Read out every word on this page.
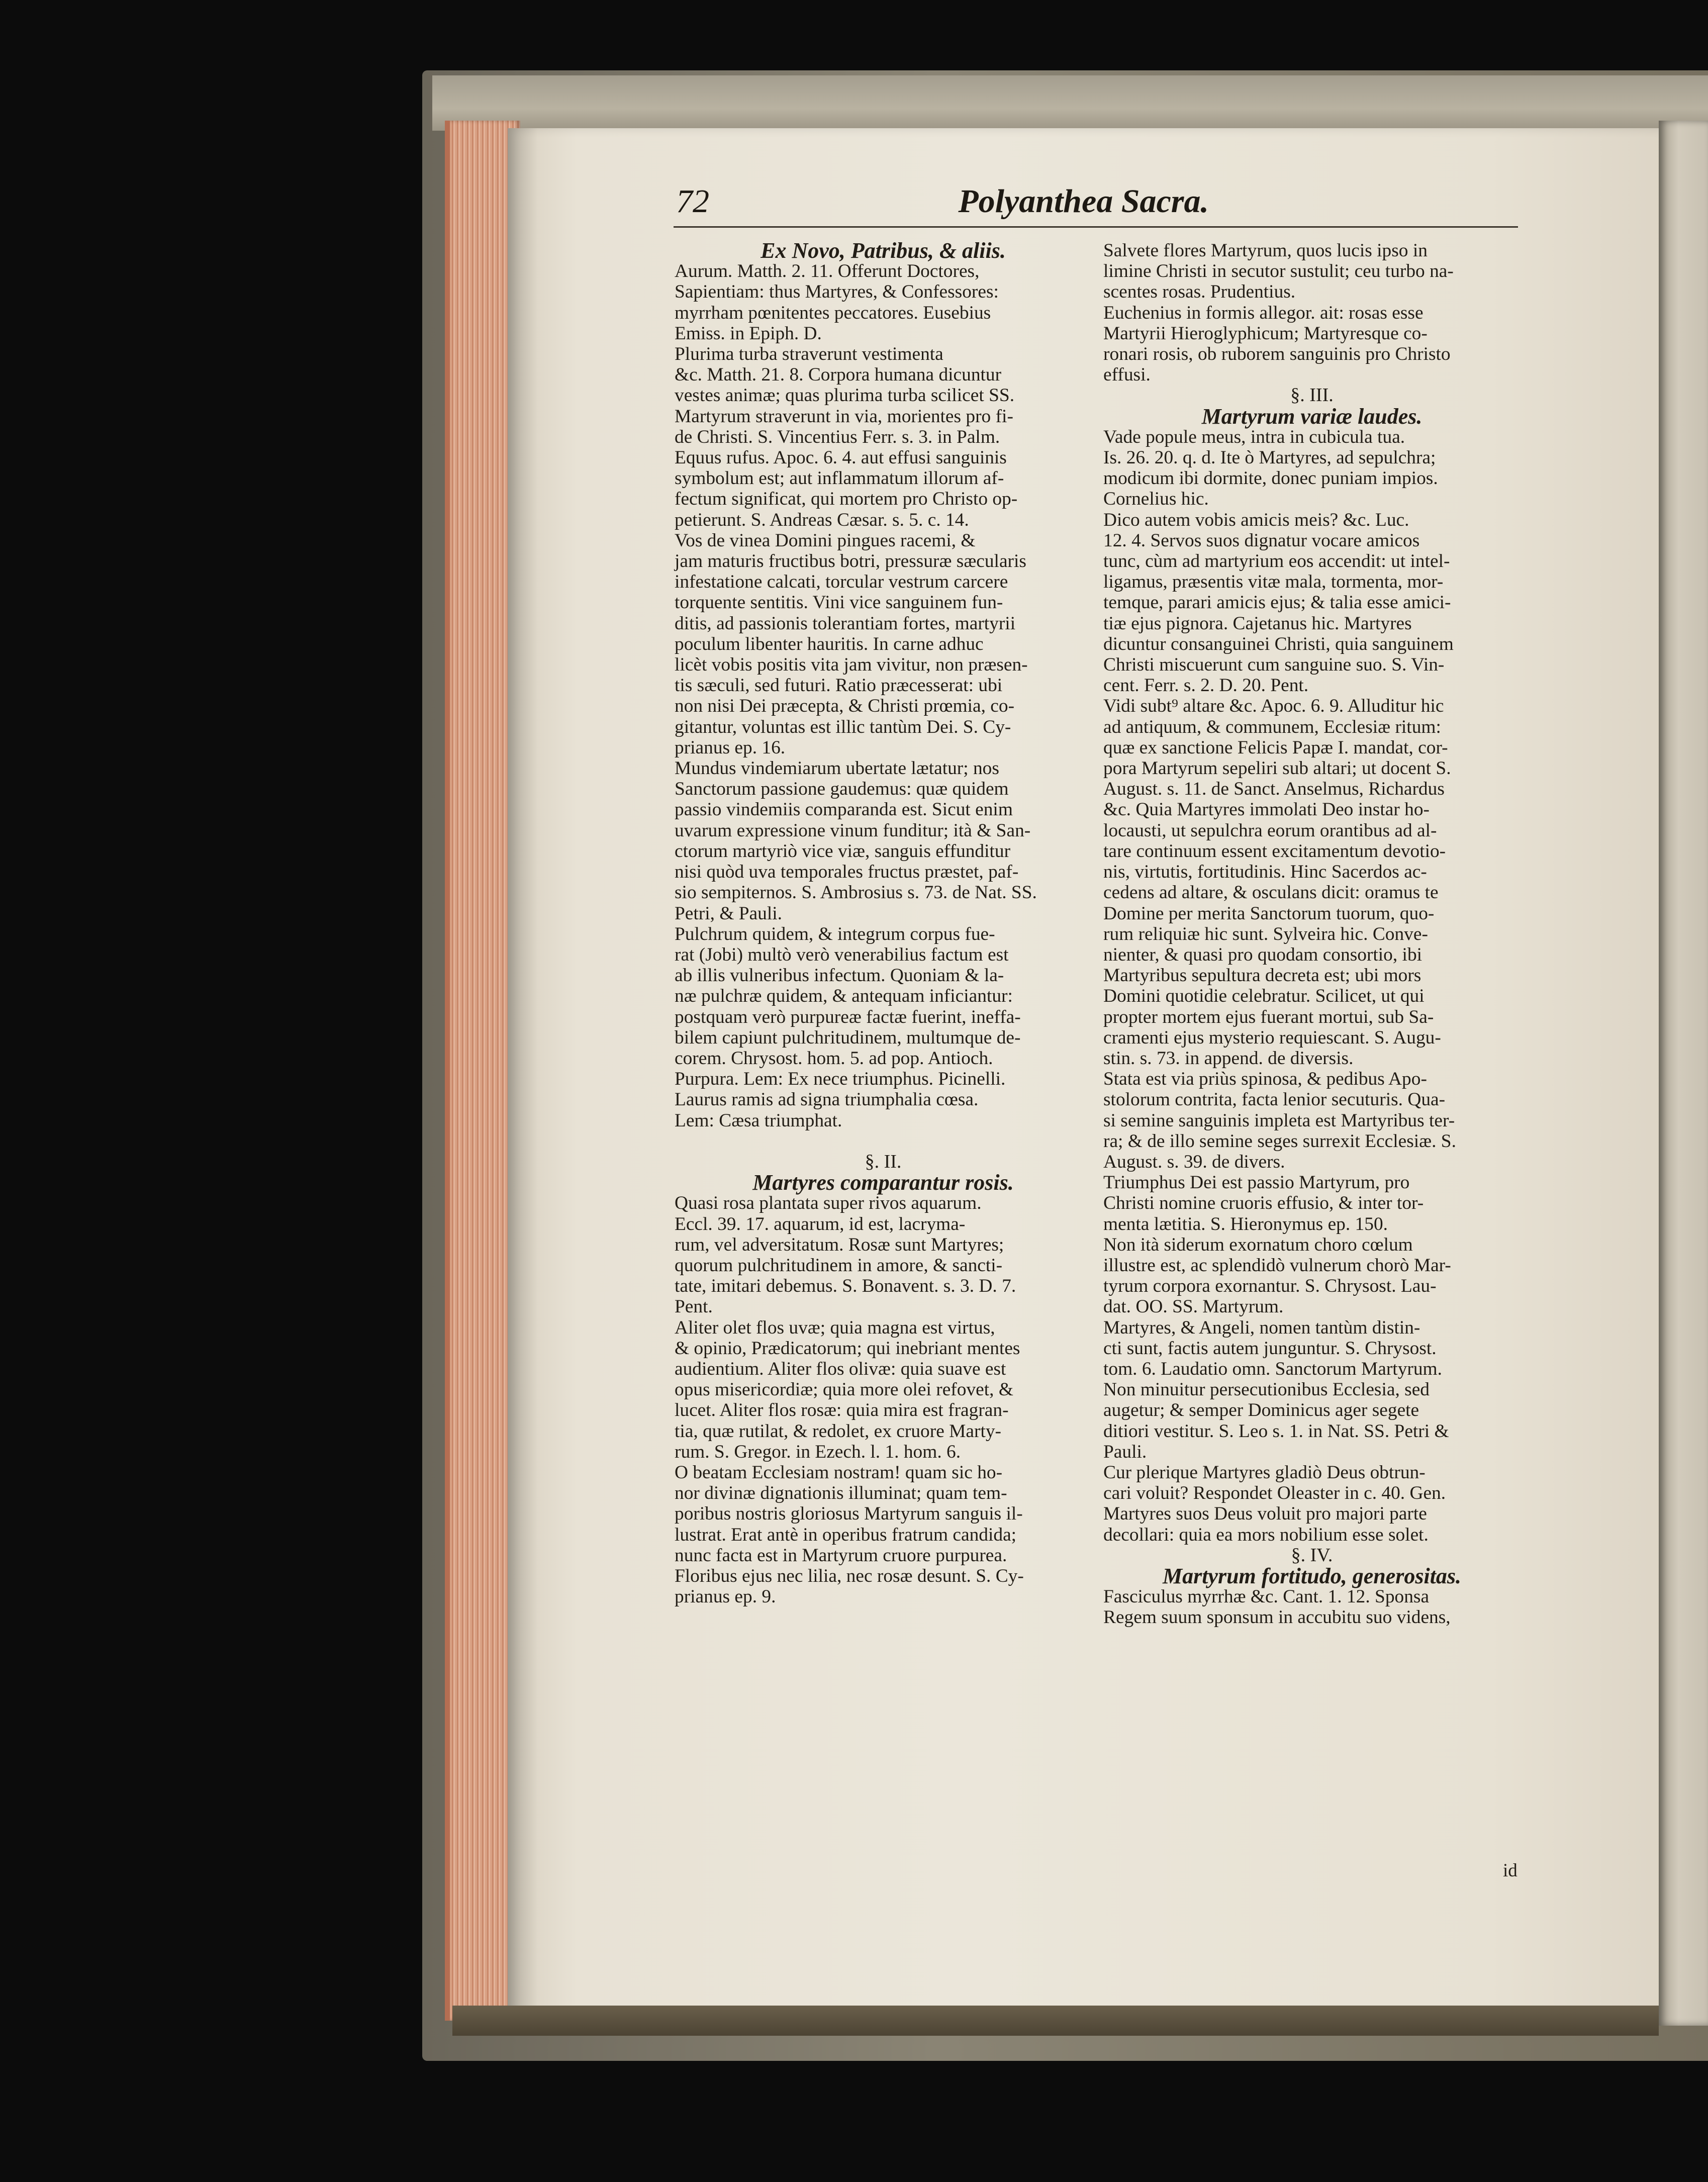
72	Polyanthea Sacra.

Ex Novo, Patribus, & aliis.

Aurum. Matth. 2. 11. Offerunt Doctores,

Sapientiam: thus Martyres, & Confessores:

myrrham pœnitentes peccatores. Eusebius

Emiss. in Epiph. D.

Plurima turba straverunt vestimenta

&c. Matth. 21. 8. Corpora humana dicuntur

vestes animæ; quas plurima turba scilicet SS.

Martyrum straverunt in via, morientes pro fi-

de Christi. S. Vincentius Ferr. s. 3. in Palm.

Equus rufus. Apoc. 6. 4. aut effusi sanguinis

symbolum est; aut inflammatum illorum af-

fectum significat, qui mortem pro Christo op-

petierunt. S. Andreas Cæsar. s. 5. c. 14.

Vos de vinea Domini pingues racemi, &

jam maturis fructibus botri, pressuræ sæcularis

infestatione calcati, torcular vestrum carcere

torquente sentitis. Vini vice sanguinem fun-

ditis, ad passionis tolerantiam fortes, martyrii

poculum libenter hauritis. In carne adhuc

licèt vobis positis vita jam vivitur, non præsen-

tis sæculi, sed futuri. Ratio præcesserat: ubi

non nisi Dei præcepta, & Christi prœmia, co-

gitantur, voluntas est illic tantùm Dei. S. Cy-

prianus ep. 16.

Mundus vindemiarum ubertate lætatur; nos

Sanctorum passione gaudemus: quæ quidem

passio vindemiis comparanda est. Sicut enim

uvarum expressione vinum funditur; ità & San-

ctorum martyriò vice viæ, sanguis effunditur

nisi quòd uva temporales fructus præstet, paf-

sio sempiternos. S. Ambrosius s. 73. de Nat. SS.

Petri, & Pauli.

Pulchrum quidem, & integrum corpus fue-

rat (Jobi) multò verò venerabilius factum est

ab illis vulneribus infectum. Quoniam & la-

næ pulchræ quidem, & antequam inficiantur:

postquam verò purpureæ factæ fuerint, ineffa-

bilem capiunt pulchritudinem, multumque de-

corem. Chrysost. hom. 5. ad pop. Antioch.

Purpura. Lem: Ex nece triumphus. Picinelli.

Laurus ramis ad signa triumphalia cœsa.

Lem: Cæsa triumphat.

§. II.

Martyres comparantur rosis.

Quasi rosa plantata super rivos aquarum.

Eccl. 39. 17. aquarum, id est, lacryma-

rum, vel adversitatum. Rosæ sunt Martyres;

quorum pulchritudinem in amore, & sancti-

tate, imitari debemus. S. Bonavent. s. 3. D. 7.

Pent.

Aliter olet flos uvæ; quia magna est virtus,

& opinio, Prædicatorum; qui inebriant mentes

audientium. Aliter flos olivæ: quia suave est

opus misericordiæ; quia more olei refovet, &

lucet. Aliter flos rosæ: quia mira est fragran-

tia, quæ rutilat, & redolet, ex cruore Marty-

rum. S. Gregor. in Ezech. l. 1. hom. 6.

O beatam Ecclesiam nostram! quam sic ho-

nor divinæ dignationis illuminat; quam tem-

poribus nostris gloriosus Martyrum sanguis il-

lustrat. Erat antè in operibus fratrum candida;

nunc facta est in Martyrum cruore purpurea.

Floribus ejus nec lilia, nec rosæ desunt. S. Cy-

prianus ep. 9.

Salvete flores Martyrum, quos lucis ipso in

limine Christi in secutor sustulit; ceu turbo na-

scentes rosas. Prudentius.

Euchenius in formis allegor. ait: rosas esse

Martyrii Hieroglyphicum; Martyresque co-

ronari rosis, ob ruborem sanguinis pro Christo

effusi.

§. III.

Martyrum variæ laudes.

Vade popule meus, intra in cubicula tua.

Is. 26. 20. q. d. Ite ò Martyres, ad sepulchra;

modicum ibi dormite, donec puniam impios.

Cornelius hic.

Dico autem vobis amicis meis? &c. Luc.

12. 4. Servos suos dignatur vocare amicos

tunc, cùm ad martyrium eos accendit: ut intel-

ligamus, præsentis vitæ mala, tormenta, mor-

temque, parari amicis ejus; & talia esse amici-

tiæ ejus pignora. Cajetanus hic. Martyres

dicuntur consanguinei Christi, quia sanguinem

Christi miscuerunt cum sanguine suo. S. Vin-

cent. Ferr. s. 2. D. 20. Pent.

Vidi subt⁹ altare &c. Apoc. 6. 9. Alluditur hic

ad antiquum, & communem, Ecclesiæ ritum:

quæ ex sanctione Felicis Papæ I. mandat, cor-

pora Martyrum sepeliri sub altari; ut docent S.

August. s. 11. de Sanct. Anselmus, Richardus

&c. Quia Martyres immolati Deo instar ho-

locausti, ut sepulchra eorum orantibus ad al-

tare continuum essent excitamentum devotio-

nis, virtutis, fortitudinis. Hinc Sacerdos ac-

cedens ad altare, & osculans dicit: oramus te

Domine per merita Sanctorum tuorum, quo-

rum reliquiæ hic sunt. Sylveira hic. Conve-

nienter, & quasi pro quodam consortio, ibi

Martyribus sepultura decreta est; ubi mors

Domini quotidie celebratur. Scilicet, ut qui

propter mortem ejus fuerant mortui, sub Sa-

cramenti ejus mysterio requiescant. S. Augu-

stin. s. 73. in append. de diversis.

Stata est via priùs spinosa, & pedibus Apo-

stolorum contrita, facta lenior secuturis. Qua-

si semine sanguinis impleta est Martyribus ter-

ra; & de illo semine seges surrexit Ecclesiæ. S.

August. s. 39. de divers.

Triumphus Dei est passio Martyrum, pro

Christi nomine cruoris effusio, & inter tor-

menta lætitia. S. Hieronymus ep. 150.

Non ità siderum exornatum choro cœlum

illustre est, ac splendidò vulnerum chorò Mar-

tyrum corpora exornantur. S. Chrysost. Lau-

dat. OO. SS. Martyrum.

Martyres, & Angeli, nomen tantùm distin-

cti sunt, factis autem junguntur. S. Chrysost.

tom. 6. Laudatio omn. Sanctorum Martyrum.

Non minuitur persecutionibus Ecclesia, sed

augetur; & semper Dominicus ager segete

ditiori vestitur. S. Leo s. 1. in Nat. SS. Petri &

Pauli.

Cur plerique Martyres gladiò Deus obtrun-

cari voluit? Respondet Oleaster in c. 40. Gen.

Martyres suos Deus voluit pro majori parte

decollari: quia ea mors nobilium esse solet.

§. IV.

Martyrum fortitudo, generositas.

Fasciculus myrrhæ &c. Cant. 1. 12. Sponsa

Regem suum sponsum in accubitu suo videns,

id
